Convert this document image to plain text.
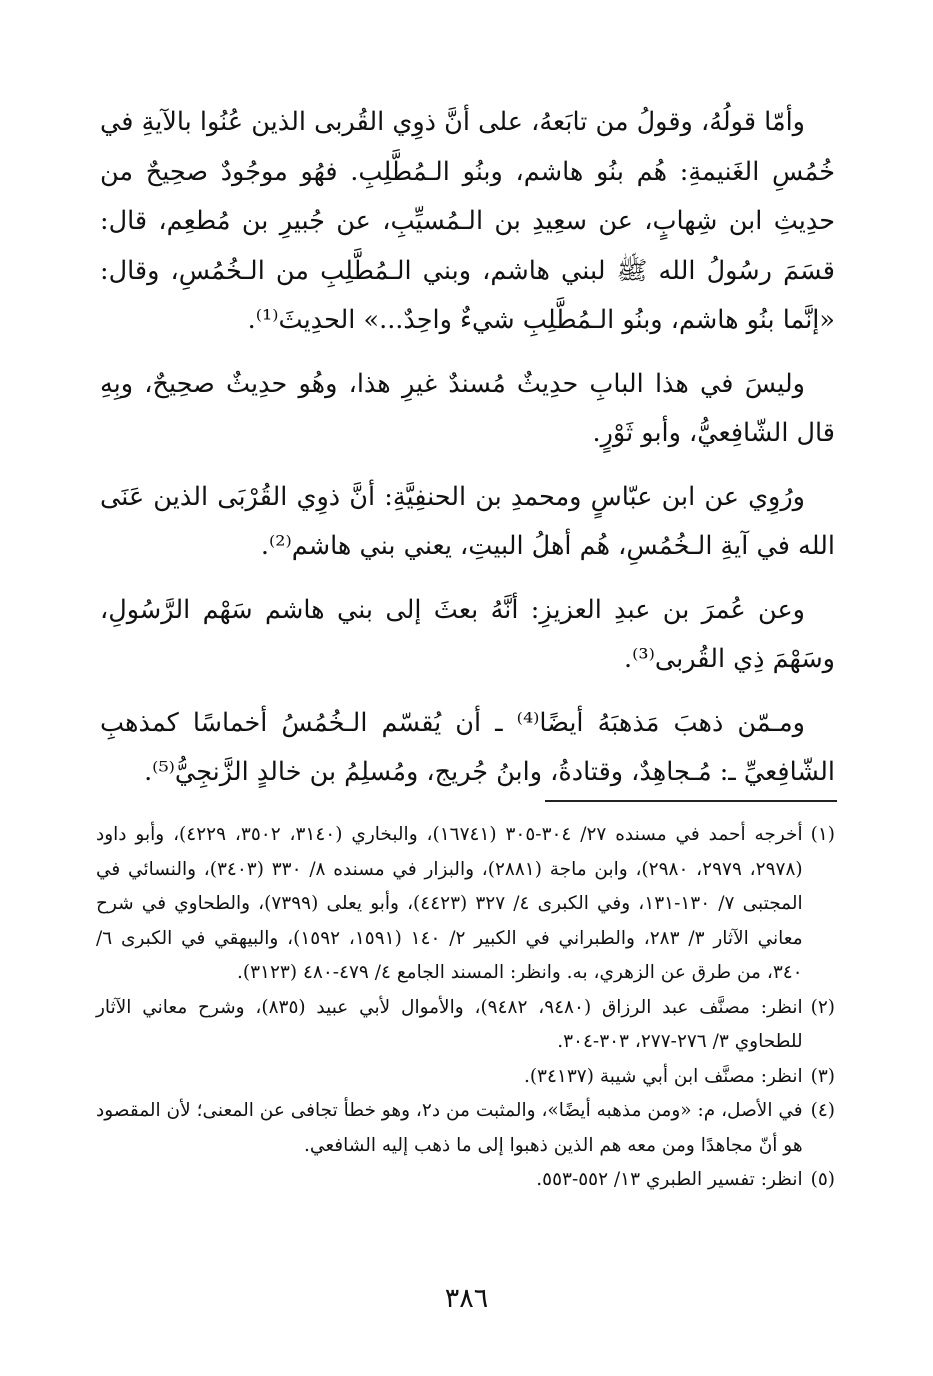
وأمّا قولُهُ، وقولُ من تابَعهُ، على أنَّ ذوِي القُربى الذين عُنُوا بالآيةِ في خُمُسِ الغَنيمةِ: هُم بنُو هاشم، وبنُو الـمُطَّلِبِ. فهُو موجُودٌ صحِيحٌ من حدِيثِ ابن شِهابٍ، عن سعِيدِ بن الـمُسيِّبِ، عن جُبيرِ بن مُطعِم، قال: قسَمَ رسُولُ الله ﷺ لبني هاشم، وبني الـمُطَّلِبِ من الـخُمُسِ، وقال: «إنَّما بنُو هاشم، وبنُو الـمُطَّلِبِ شيءٌ واحِدٌ...» الحدِيثَ⁽¹⁾.

وليسَ في هذا البابِ حدِيثٌ مُسندٌ غيرِ هذا، وهُو حدِيثٌ صحِيحٌ، وبِهِ قال الشّافِعيُّ، وأبو ثَوْرٍ.

ورُوِي عن ابن عبّاسٍ ومحمدِ بن الحنفِيَّةِ: أنَّ ذوِي القُرْبَى الذين عَنَى الله في آيةِ الـخُمُسِ، هُم أهلُ البيتِ، يعني بني هاشم⁽²⁾.

وعن عُمرَ بن عبدِ العزيزِ: أنَّهُ بعثَ إلى بني هاشم سَهْم الرَّسُولِ، وسَهْمَ ذِي القُربى⁽³⁾.

ومـمّن ذهبَ مَذهبَهُ أيضًا⁽⁴⁾ ـ أن يُقسّم الـخُمُسُ أخماسًا كمذهبِ الشّافِعيِّ ـ: مُـجاهِدٌ، وقتادةُ، وابنُ جُريج، ومُسلِمُ بن خالدٍ الزَّنجِيُّ⁽⁵⁾.

(١)
أخرجه أحمد في مسنده ٢٧/ ٣٠٤-٣٠٥ (١٦٧٤١)، والبخاري (٣١٤٠، ٣٥٠٢، ٤٢٢٩)، وأبو داود (٢٩٧٨، ٢٩٧٩، ٢٩٨٠)، وابن ماجة (٢٨٨١)، والبزار في مسنده ٨/ ٣٣٠ (٣٤٠٣)، والنسائي في المجتبى ٧/ ١٣٠-١٣١، وفي الكبرى ٤/ ٣٢٧ (٤٤٢٣)، وأبو يعلى (٧٣٩٩)، والطحاوي في شرح معاني الآثار ٣/ ٢٨٣، والطبراني في الكبير ٢/ ١٤٠ (١٥٩١، ١٥٩٢)، والبيهقي في الكبرى ٦/ ٣٤٠، من طرق عن الزهري، به. وانظر: المسند الجامع ٤/ ٤٧٩-٤٨٠ (٣١٢٣).
(٢)
انظر: مصنَّف عبد الرزاق (٩٤٨٠، ٩٤٨٢)، والأموال لأبي عبيد (٨٣٥)، وشرح معاني الآثار للطحاوي ٣/ ٢٧٦-٢٧٧، ٣٠٣-٣٠٤.
(٣)
انظر: مصنَّف ابن أبي شيبة (٣٤١٣٧).
(٤)
في الأصل، م: «ومن مذهبه أيضًا»، والمثبت من د٢، وهو خطأ تجافى عن المعنى؛ لأن المقصود هو أنّ مجاهدًا ومن معه هم الذين ذهبوا إلى ما ذهب إليه الشافعي.
(٥)
انظر: تفسير الطبري ١٣/ ٥٥٢-٥٥٣.
٣٨٦
